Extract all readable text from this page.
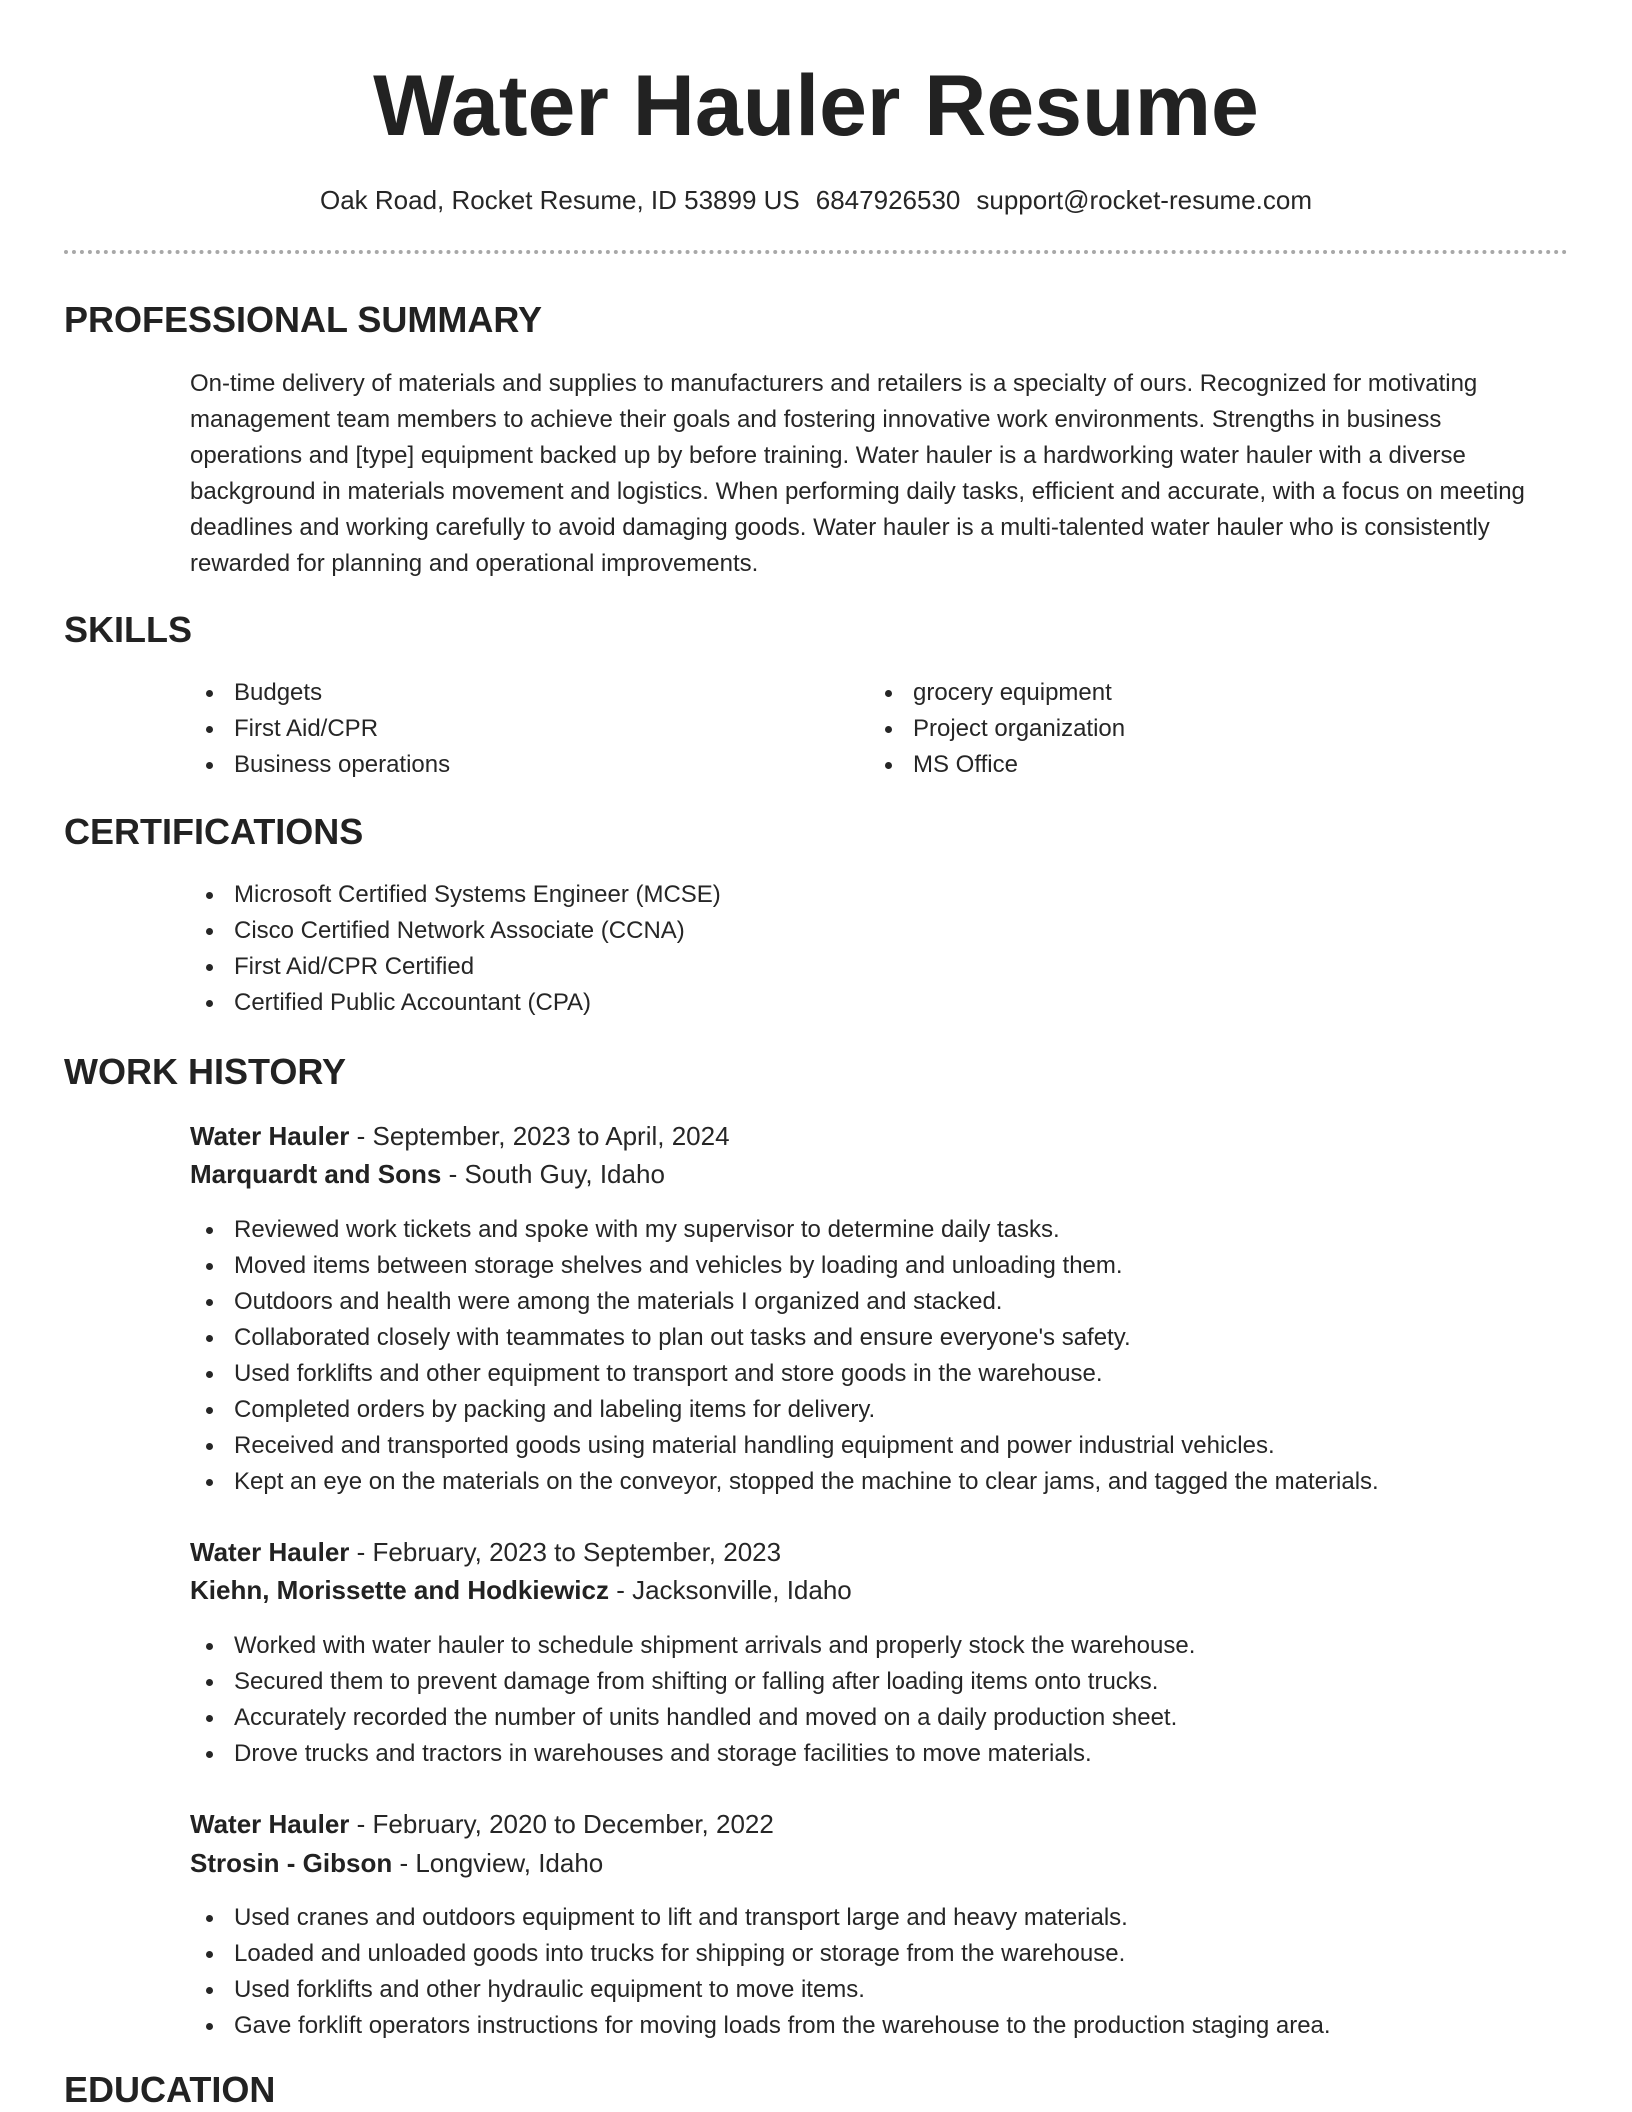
Water Hauler Resume
Oak Road, Rocket Resume, ID 53899 US 6847926530 support@rocket-resume.com
PROFESSIONAL SUMMARY

On-time delivery of materials and supplies to manufacturers and retailers is a specialty of ours. Recognized for motivating management team members to achieve their goals and fostering innovative work environments. Strengths in business operations and [type] equipment backed up by before training. Water hauler is a hardworking water hauler with a diverse background in materials movement and logistics. When performing daily tasks, efficient and accurate, with a focus on meeting deadlines and working carefully to avoid damaging goods. Water hauler is a multi-talented water hauler who is consistently rewarded for planning and operational improvements.

SKILLS
Budgets
First Aid/CPR
Business operations
grocery equipment
Project organization
MS Office
CERTIFICATIONS
Microsoft Certified Systems Engineer (MCSE)
Cisco Certified Network Associate (CCNA)
First Aid/CPR Certified
Certified Public Accountant (CPA)
WORK HISTORY
Water Hauler - September, 2023 to April, 2024
Marquardt and Sons - South Guy, Idaho
Reviewed work tickets and spoke with my supervisor to determine daily tasks.
Moved items between storage shelves and vehicles by loading and unloading them.
Outdoors and health were among the materials I organized and stacked.
Collaborated closely with teammates to plan out tasks and ensure everyone's safety.
Used forklifts and other equipment to transport and store goods in the warehouse.
Completed orders by packing and labeling items for delivery.
Received and transported goods using material handling equipment and power industrial vehicles.
Kept an eye on the materials on the conveyor, stopped the machine to clear jams, and tagged the materials.
Water Hauler - February, 2023 to September, 2023
Kiehn, Morissette and Hodkiewicz - Jacksonville, Idaho
Worked with water hauler to schedule shipment arrivals and properly stock the warehouse.
Secured them to prevent damage from shifting or falling after loading items onto trucks.
Accurately recorded the number of units handled and moved on a daily production sheet.
Drove trucks and tractors in warehouses and storage facilities to move materials.
Water Hauler - February, 2020 to December, 2022
Strosin - Gibson - Longview, Idaho
Used cranes and outdoors equipment to lift and transport large and heavy materials.
Loaded and unloaded goods into trucks for shipping or storage from the warehouse.
Used forklifts and other hydraulic equipment to move items.
Gave forklift operators instructions for moving loads from the warehouse to the production staging area.
EDUCATION
